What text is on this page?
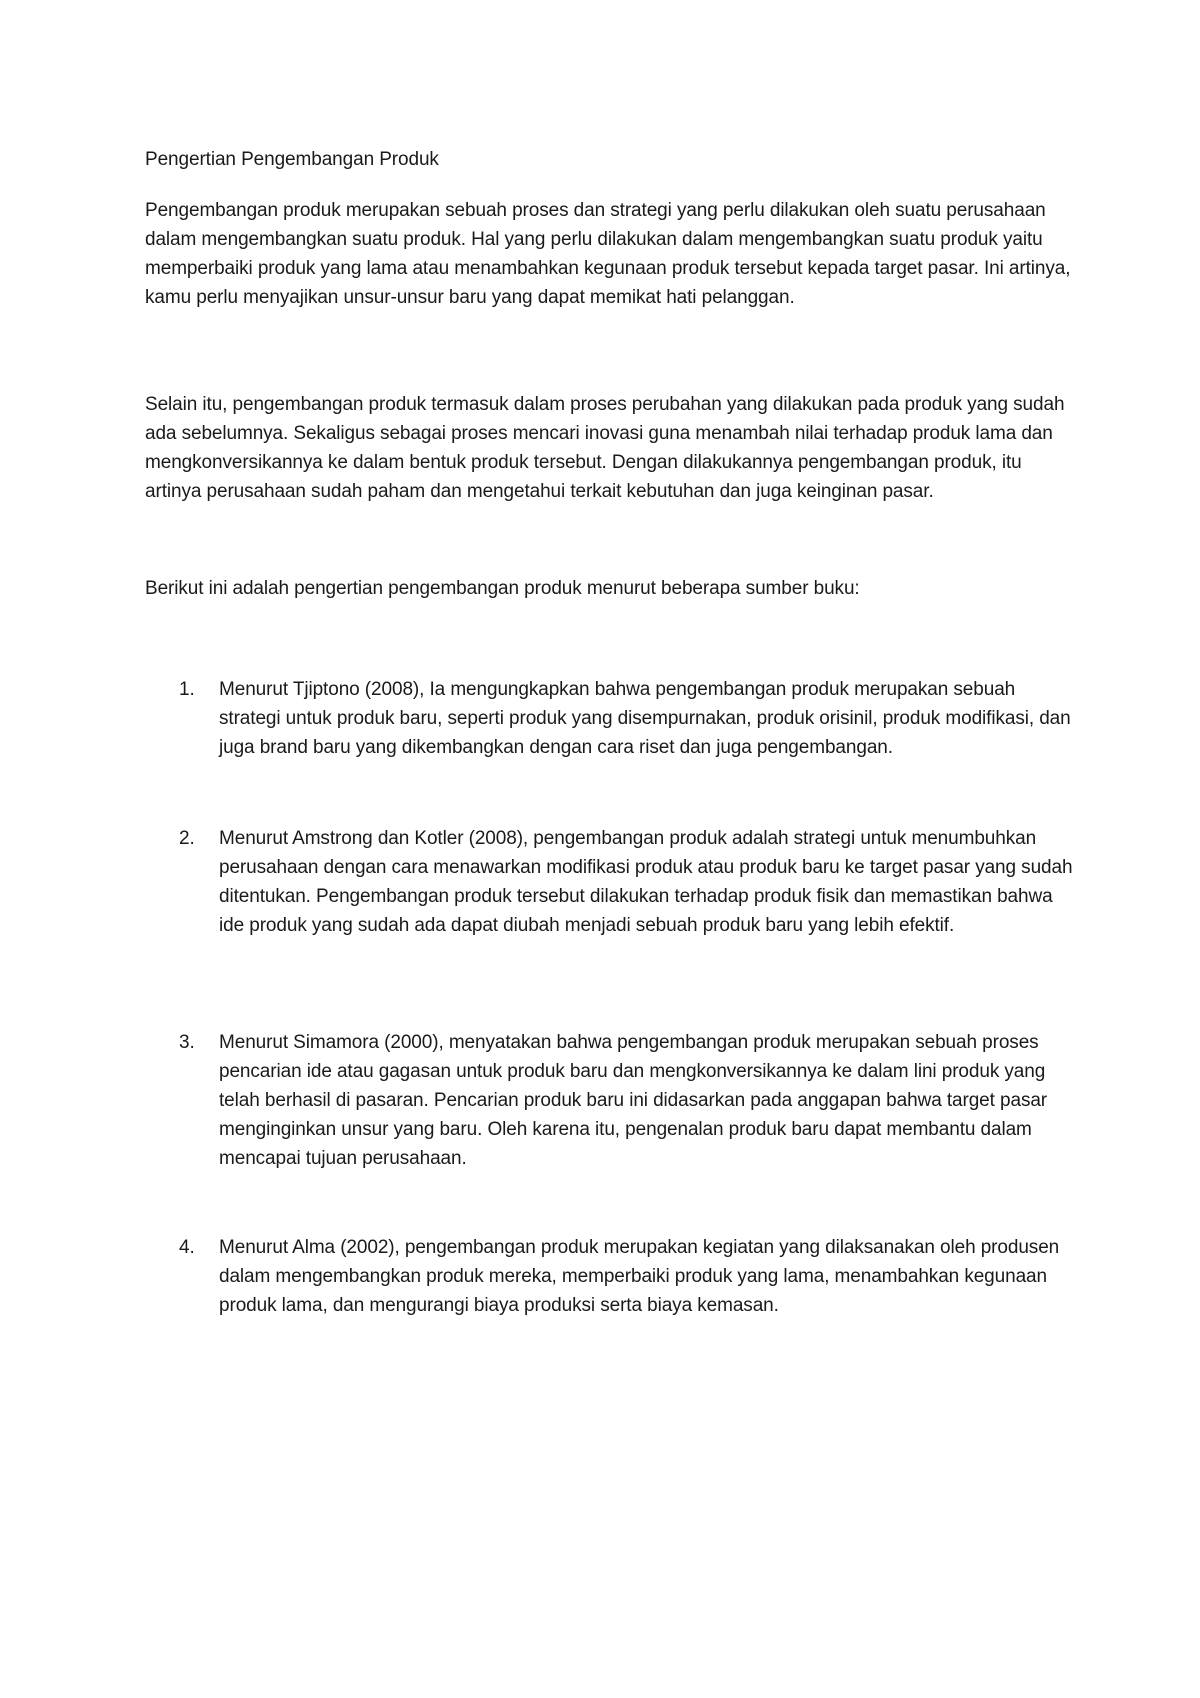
Pengertian Pengembangan Produk

Pengembangan produk merupakan sebuah proses dan strategi yang perlu dilakukan oleh suatu perusahaan dalam mengembangkan suatu produk. Hal yang perlu dilakukan dalam mengembangkan suatu produk yaitu memperbaiki produk yang lama atau menambahkan kegunaan produk tersebut kepada target pasar. Ini artinya, kamu perlu menyajikan unsur-unsur baru yang dapat memikat hati pelanggan.

Selain itu, pengembangan produk termasuk dalam proses perubahan yang dilakukan pada produk yang sudah ada sebelumnya. Sekaligus sebagai proses mencari inovasi guna menambah nilai terhadap produk lama dan mengkonversikannya ke dalam bentuk produk tersebut. Dengan dilakukannya pengembangan produk, itu artinya perusahaan sudah paham dan mengetahui terkait kebutuhan dan juga keinginan pasar.

Berikut ini adalah pengertian pengembangan produk menurut beberapa sumber buku:

1. Menurut Tjiptono (2008), Ia mengungkapkan bahwa pengembangan produk merupakan sebuah strategi untuk produk baru, seperti produk yang disempurnakan, produk orisinil, produk modifikasi, dan juga brand baru yang dikembangkan dengan cara riset dan juga pengembangan.
2. Menurut Amstrong dan Kotler (2008), pengembangan produk adalah strategi untuk menumbuhkan perusahaan dengan cara menawarkan modifikasi produk atau produk baru ke target pasar yang sudah ditentukan. Pengembangan produk tersebut dilakukan terhadap produk fisik dan memastikan bahwa ide produk yang sudah ada dapat diubah menjadi sebuah produk baru yang lebih efektif.
3. Menurut Simamora (2000), menyatakan bahwa pengembangan produk merupakan sebuah proses pencarian ide atau gagasan untuk produk baru dan mengkonversikannya ke dalam lini produk yang telah berhasil di pasaran. Pencarian produk baru ini didasarkan pada anggapan bahwa target pasar menginginkan unsur yang baru. Oleh karena itu, pengenalan produk baru dapat membantu dalam mencapai tujuan perusahaan.
4. Menurut Alma (2002), pengembangan produk merupakan kegiatan yang dilaksanakan oleh produsen dalam mengembangkan produk mereka, memperbaiki produk yang lama, menambahkan kegunaan produk lama, dan mengurangi biaya produksi serta biaya kemasan.
